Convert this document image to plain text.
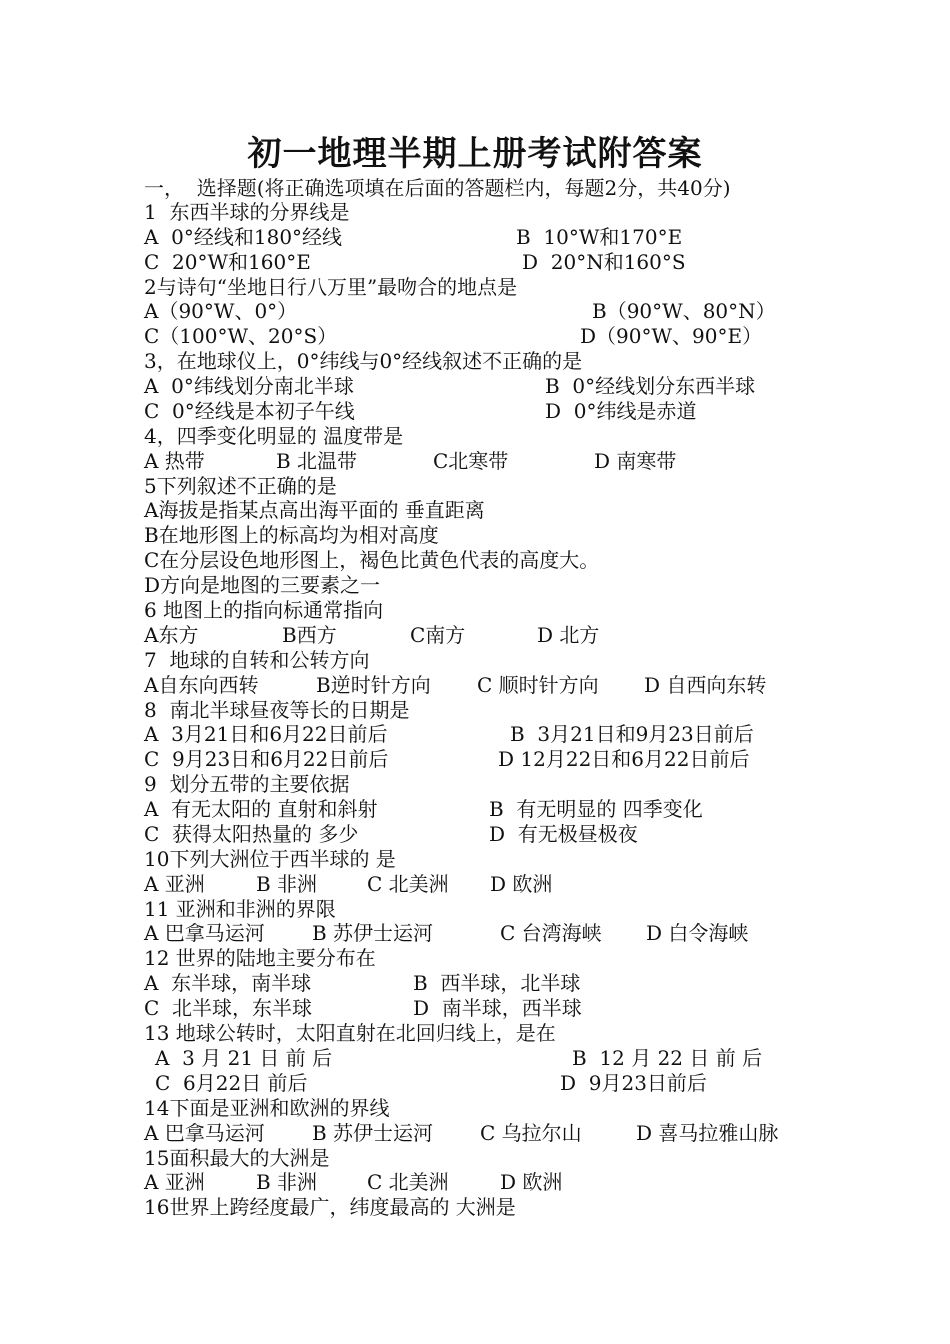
初一地理半期上册考试附答案
一，  选择题(将正确选项填在后面的答题栏内，每题2分，共40分)
1  东西半球的分界线是
A  0°经线和180°经线	B  10°W和170°E
C  20°W和160°E	D  20°N和160°S
2与诗句“坐地日行八万里”最吻合的地点是
A（90°W、0°）	B（90°W、80°N）
C（100°W、20°S）	D（90°W、90°E）
3，在地球仪上，0°纬线与0°经线叙述不正确的是
A  0°纬线划分南北半球	B  0°经线划分东西半球
C  0°经线是本初子午线	D  0°纬线是赤道
4，四季变化明显的 温度带是
A 热带	B 北温带	C北寒带	D 南寒带
5下列叙述不正确的是
A海拔是指某点高出海平面的 垂直距离
B在地形图上的标高均为相对高度
C在分层设色地形图上，褐色比黄色代表的高度大。
D方向是地图的三要素之一
6 地图上的指向标通常指向
A东方	B西方	C南方	D 北方
7  地球的自转和公转方向
A自东向西转	B逆时针方向 C 顺时针方向 D 自西向东转
8  南北半球昼夜等长的日期是
A  3月21日和6月22日前后	B  3月21日和9月23日前后
C  9月23日和6月22日前后	D 12月22日和6月22日前后
9  划分五带的主要依据
A  有无太阳的 直射和斜射	B  有无明显的 四季变化
C  获得太阳热量的 多少	D  有无极昼极夜
10下列大洲位于西半球的 是
A 亚洲	B 非洲 C 北美洲 D 欧洲
11 亚洲和非洲的界限
A 巴拿马运河 B 苏伊士运河	C 台湾海峡 D 白令海峡
12 世界的陆地主要分布在
A  东半球，南半球	B  西半球，北半球
C  北半球，东半球	D  南半球，西半球
13 地球公转时，太阳直射在北回归线上，是在
A  3 月 21 日 前 后	B  12 月 22 日 前 后
C  6月22日 前后	D  9月23日前后
14下面是亚洲和欧洲的界线
A 巴拿马运河 B 苏伊士运河 C 乌拉尔山	D 喜马拉雅山脉
15面积最大的大洲是
A 亚洲	B 非洲 C 北美洲	D 欧洲
16世界上跨经度最广，纬度最高的 大洲是
